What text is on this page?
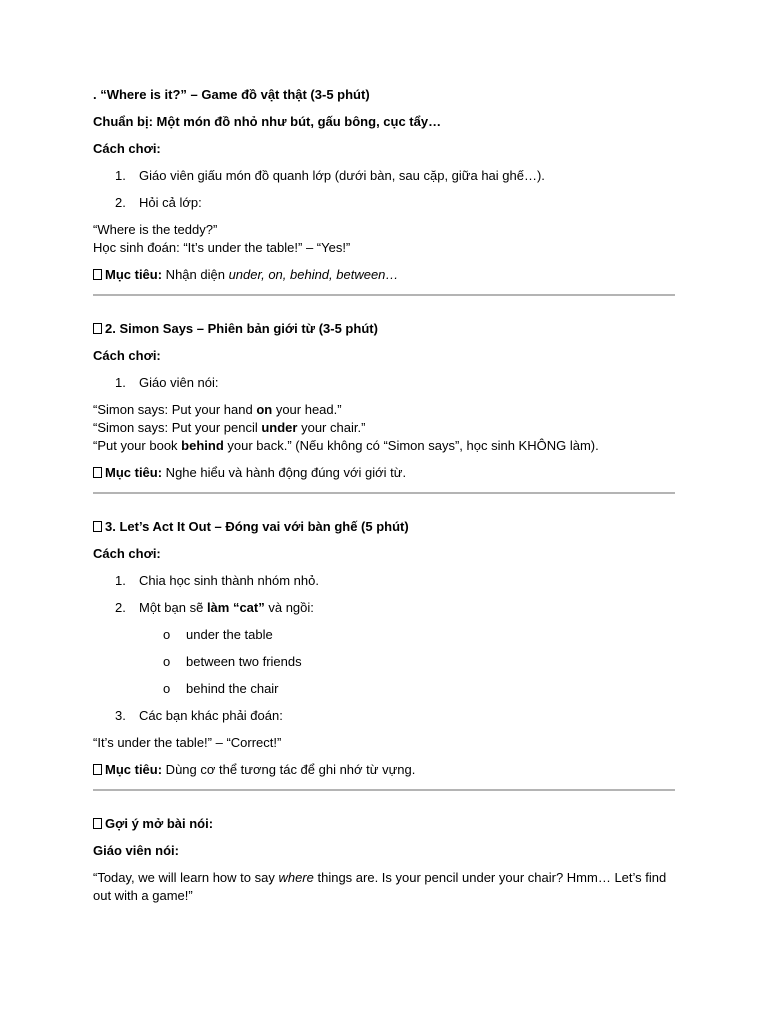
. “Where is it?” – Game đồ vật thật (3-5 phút)

Chuẩn bị: Một món đồ nhỏ như bút, gấu bông, cục tẩy…

Cách chơi:

1. Giáo viên giấu món đồ quanh lớp (dưới bàn, sau cặp, giữa hai ghế…).
2. Hỏi cả lớp:

“Where is the teddy?”
Học sinh đoán: “It’s under the table!” – “Yes!”

Mục tiêu: Nhận diện under, on, behind, between…

2. Simon Says – Phiên bản giới từ (3-5 phút)

Cách chơi:

1. Giáo viên nói:

“Simon says: Put your hand on your head.”
“Simon says: Put your pencil under your chair.”
“Put your book behind your back.” (Nếu không có “Simon says”, học sinh KHÔNG làm).

Mục tiêu: Nghe hiểu và hành động đúng với giới từ.

3. Let’s Act It Out – Đóng vai với bàn ghế (5 phút)

Cách chơi:

1. Chia học sinh thành nhóm nhỏ.
2. Một bạn sẽ làm “cat” và ngồi:
o under the table
o between two friends
o behind the chair
3. Các bạn khác phải đoán:

“It’s under the table!” – “Correct!”

Mục tiêu: Dùng cơ thể tương tác để ghi nhớ từ vựng.

Gợi ý mở bài nói:

Giáo viên nói:

“Today, we will learn how to say where things are. Is your pencil under your chair? Hmm… Let’s find out with a game!”
